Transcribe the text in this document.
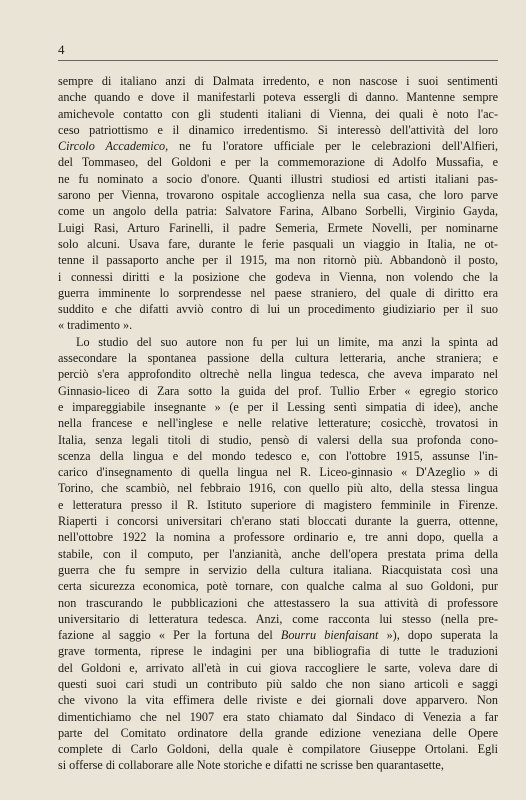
4
sempre di italiano anzi di Dalmata irredento, e non nascose i suoi sentimenti
anche quando e dove il manifestarli poteva essergli di danno. Mantenne sempre
amichevole contatto con gli studenti italiani di Vienna, dei quali è noto l'ac-
ceso patriottismo e il dinamico irredentismo. Si interessò dell'attività del loro
Circolo Accademico, ne fu l'oratore ufficiale per le celebrazioni dell'Alfieri,
del Tommaseo, del Goldoni e per la commemorazione di Adolfo Mussafia, e
ne fu nominato a socio d'onore. Quanti illustri studiosi ed artisti italiani pas-
sarono per Vienna, trovarono ospitale accoglienza nella sua casa, che loro parve
come un angolo della patria: Salvatore Farina, Albano Sorbelli, Virginio Gayda,
Luigi Rasi, Arturo Farinelli, il padre Semeria, Ermete Novelli, per nominarne
solo alcuni. Usava fare, durante le ferie pasquali un viaggio in Italia, ne ot-
tenne il passaporto anche per il 1915, ma non ritornò più. Abbandonò il posto,
i connessi diritti e la posizione che godeva in Vienna, non volendo che la
guerra imminente lo sorprendesse nel paese straniero, del quale di diritto era
suddito e che difatti avviò contro di lui un procedimento giudiziario per il suo
« tradimento ».
Lo studio del suo autore non fu per lui un limite, ma anzi la spinta ad
assecondare la spontanea passione della cultura letteraria, anche straniera; e
perciò s'era approfondito oltrechè nella lingua tedesca, che aveva imparato nel
Ginnasio-liceo di Zara sotto la guida del prof. Tullio Erber « egregio storico
e impareggiabile insegnante » (e per il Lessing sentì simpatia di idee), anche
nella francese e nell'inglese e nelle relative letterature; cosicchè, trovatosi in
Italia, senza legali titoli di studio, pensò di valersi della sua profonda cono-
scenza della lingua e del mondo tedesco e, con l'ottobre 1915, assunse l'in-
carico d'insegnamento di quella lingua nel R. Liceo-ginnasio « D'Azeglio » di
Torino, che scambiò, nel febbraio 1916, con quello più alto, della stessa lingua
e letteratura presso il R. Istituto superiore di magistero femminile in Firenze.
Riaperti i concorsi universitari ch'erano stati bloccati durante la guerra, ottenne,
nell'ottobre 1922 la nomina a professore ordinario e, tre anni dopo, quella a
stabile, con il computo, per l'anzianità, anche dell'opera prestata prima della
guerra che fu sempre in servizio della cultura italiana. Riacquistata così una
certa sicurezza economica, potè tornare, con qualche calma al suo Goldoni, pur
non trascurando le pubblicazioni che attestassero la sua attività di professore
universitario di letteratura tedesca. Anzi, come racconta lui stesso (nella pre-
fazione al saggio « Per la fortuna del Bourru bienfaisant »), dopo superata la
grave tormenta, riprese le indagini per una bibliografia di tutte le traduzioni
del Goldoni e, arrivato all'età in cui giova raccogliere le sarte, voleva dare di
questi suoi cari studi un contributo più saldo che non siano articoli e saggi
che vivono la vita effimera delle riviste e dei giornali dove apparvero. Non
dimentichiamo che nel 1907 era stato chiamato dal Sindaco di Venezia a far
parte del Comitato ordinatore della grande edizione veneziana delle Opere
complete di Carlo Goldoni, della quale è compilatore Giuseppe Ortolani. Egli
si offerse di collaborare alle Note storiche e difatti ne scrisse ben quarantasette,
